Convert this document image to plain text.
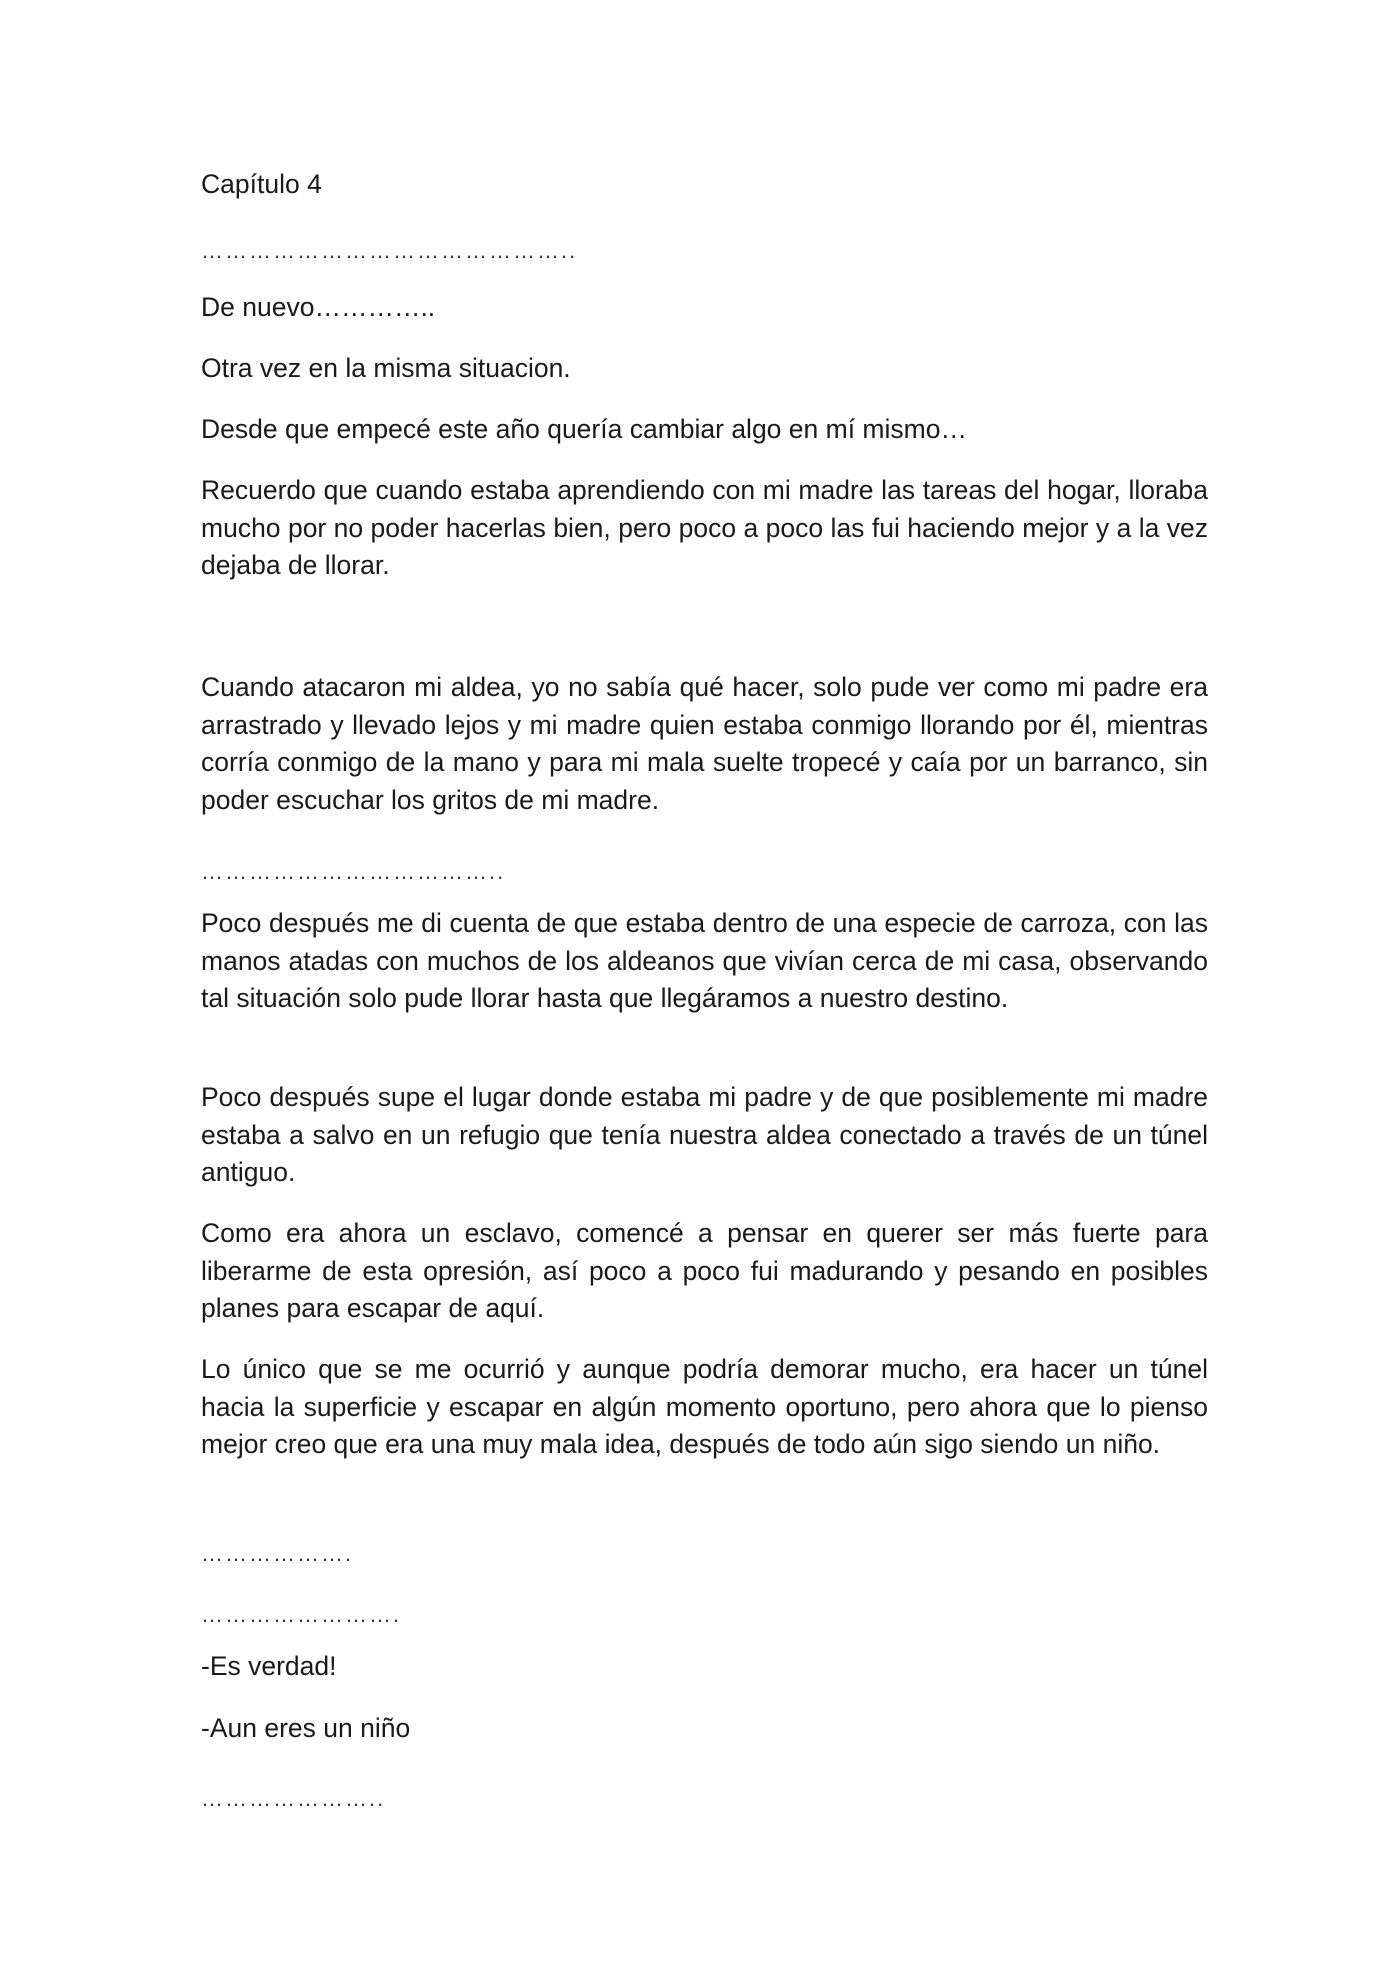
Capítulo 4

………………………………………..

De nuevo…………..

Otra vez en la misma situacion.

Desde que empecé este año quería cambiar algo en mí mismo…

Recuerdo que cuando estaba aprendiendo con mi madre las tareas del hogar, lloraba mucho por no poder hacerlas bien, pero poco a poco las fui haciendo mejor y a la vez dejaba de llorar.

Cuando atacaron mi aldea, yo no sabía qué hacer, solo pude ver como mi padre era arrastrado y llevado lejos y mi madre quien estaba conmigo llorando por él, mientras corría conmigo de la mano y para mi mala suelte tropecé y caía por un barranco, sin poder escuchar los gritos de mi madre.

………………………………..

Poco después me di cuenta de que estaba dentro de una especie de carroza, con las manos atadas con muchos de los aldeanos que vivían cerca de mi casa, observando tal situación solo pude llorar hasta que llegáramos a nuestro destino.

Poco después supe el lugar donde estaba mi padre y de que posiblemente mi madre estaba a salvo en un refugio que tenía nuestra aldea conectado a través de un túnel antiguo.

Como era ahora un esclavo, comencé a pensar en querer ser más fuerte para liberarme de esta opresión, así poco a poco fui madurando y pesando en posibles planes para escapar de aquí.

Lo único que se me ocurrió y aunque podría demorar mucho, era hacer un túnel hacia la superficie y escapar en algún momento oportuno, pero ahora que lo pienso mejor creo que era una muy mala idea, después de todo aún sigo siendo un niño.

……………….

…………………….

-Es verdad!

-Aun eres un niño

…………………..
